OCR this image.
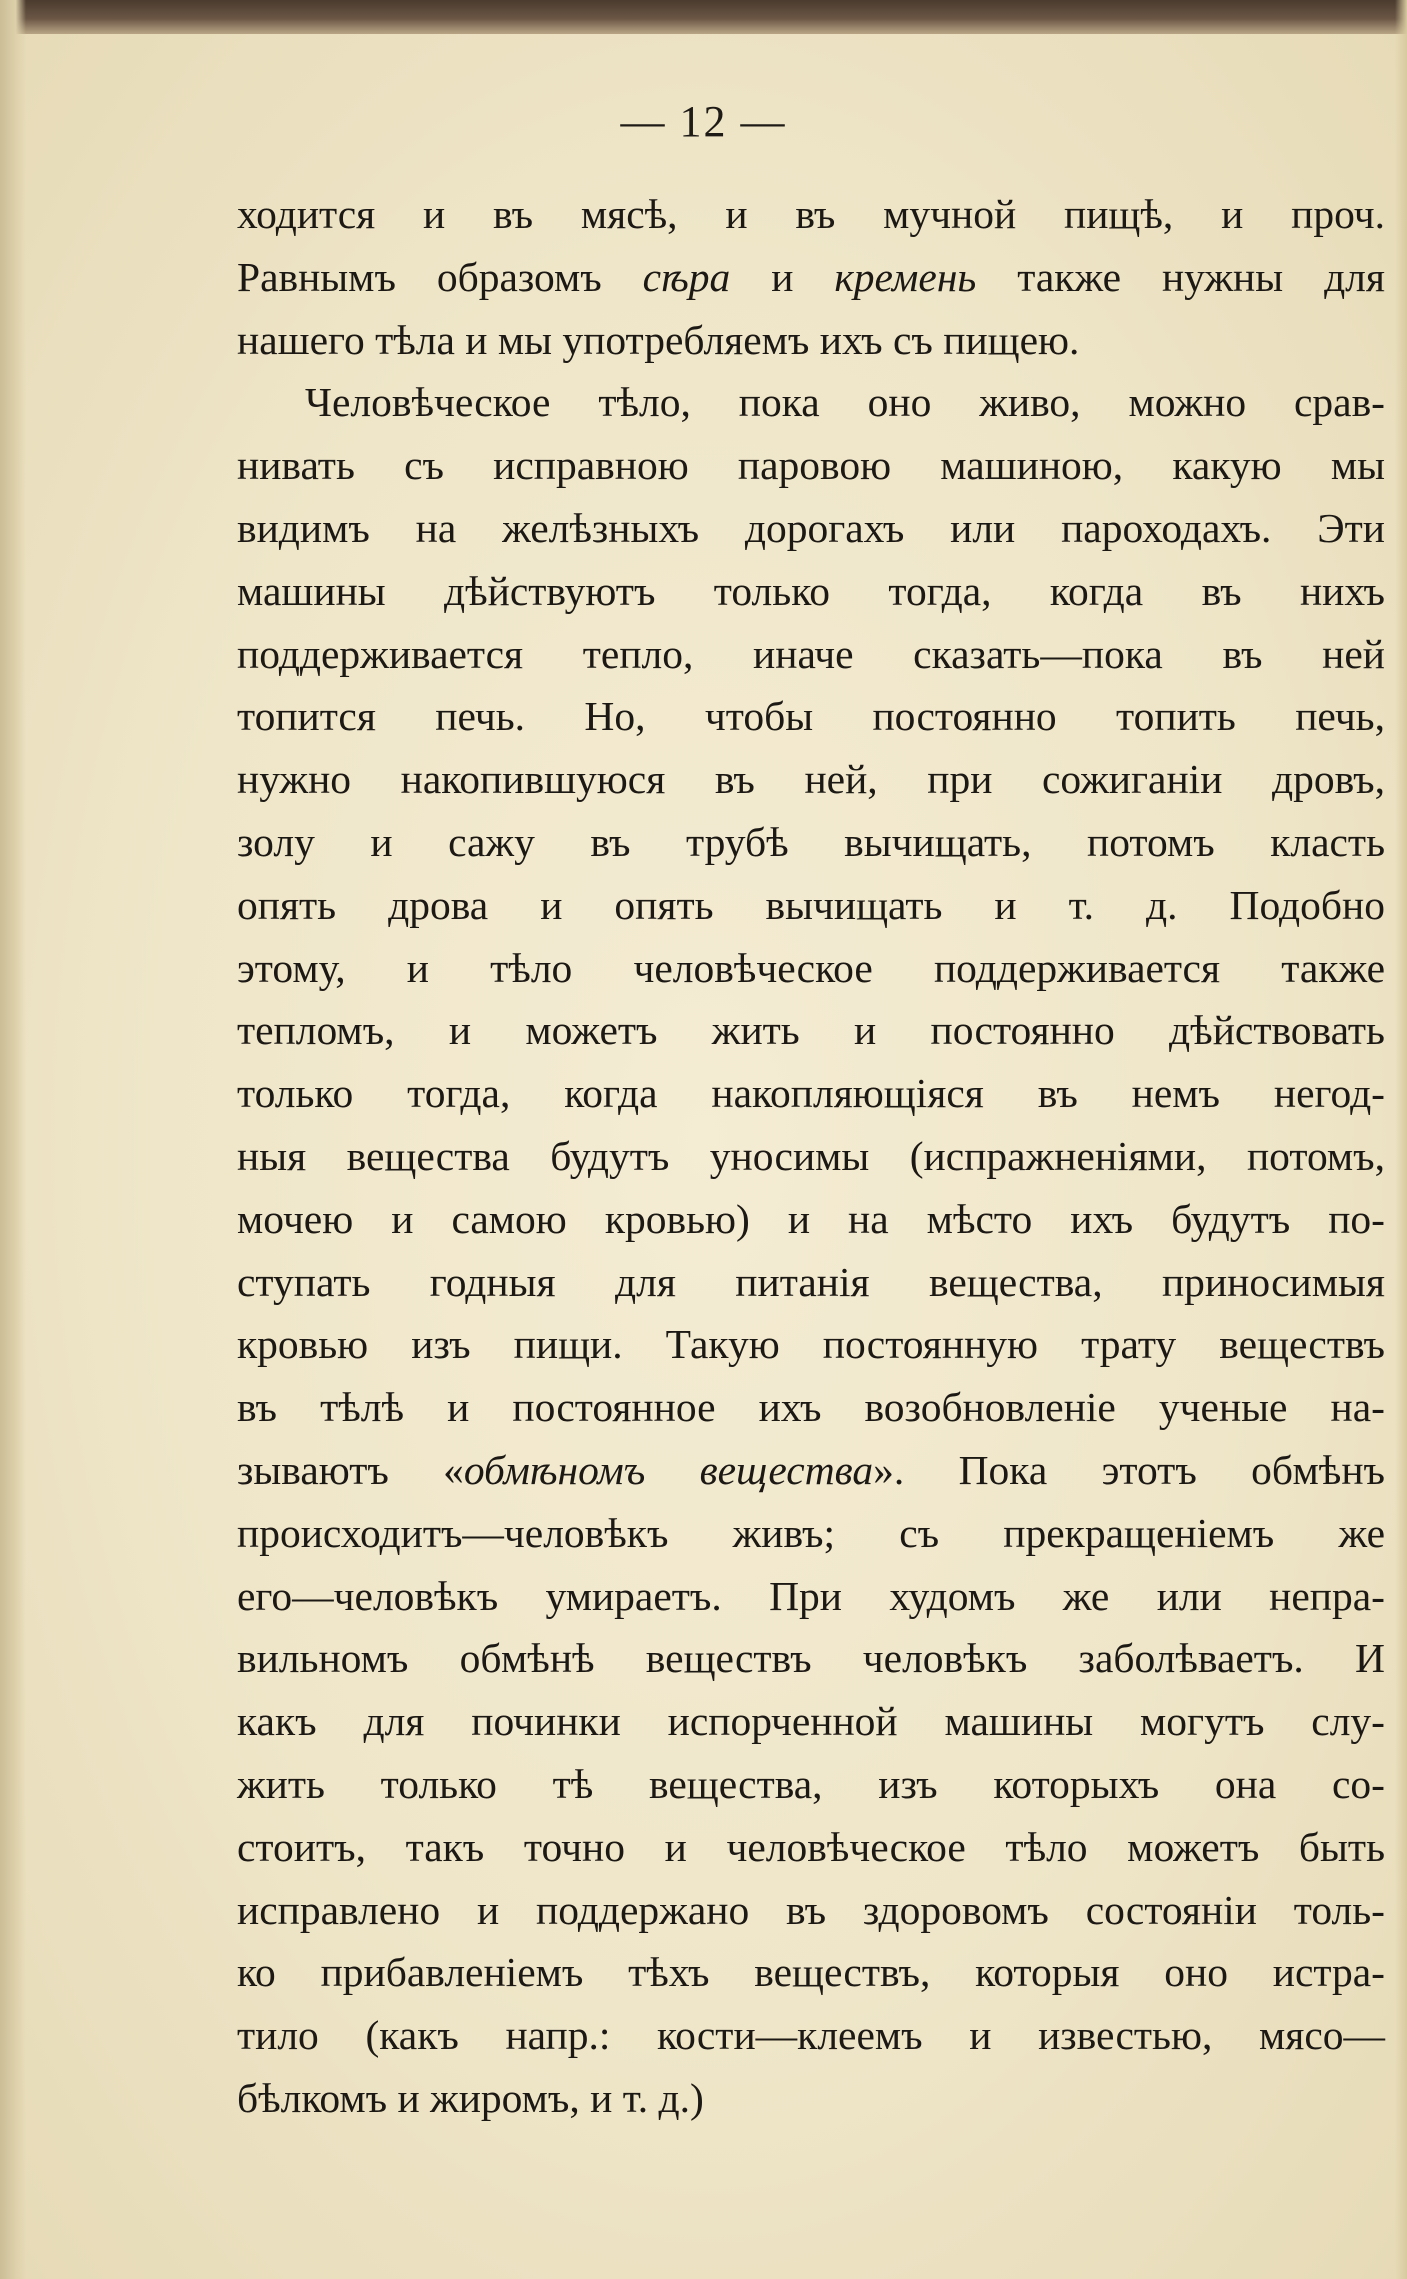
— 12 —
ходится и въ мясѣ, и въ мучной пищѣ, и проч.
Равнымъ образомъ сѣра и кремень также нужны для
нашего тѣла и мы употребляемъ ихъ съ пищею.
Человѣческое тѣло, пока оно живо, можно срав-
нивать съ исправною паровою машиною, какую мы
видимъ на желѣзныхъ дорогахъ или пароходахъ. Эти
машины дѣйствуютъ только тогда, когда въ нихъ
поддерживается тепло, иначе сказать—пока въ ней
топится печь. Но, чтобы постоянно топить печь,
нужно накопившуюся въ ней, при сожиганіи дровъ,
золу и сажу въ трубѣ вычищать, потомъ класть
опять дрова и опять вычищать и т. д. Подобно
этому, и тѣло человѣческое поддерживается также
тепломъ, и можетъ жить и постоянно дѣйствовать
только тогда, когда накопляющіяся въ немъ негод-
ныя вещества будутъ уносимы (испражненіями, потомъ,
мочею и самою кровью) и на мѣсто ихъ будутъ по-
ступать годныя для питанія вещества, приносимыя
кровью изъ пищи. Такую постоянную трату веществъ
въ тѣлѣ и постоянное ихъ возобновленіе ученые на-
зываютъ «обмѣномъ вещества». Пока этотъ обмѣнъ
происходитъ—человѣкъ живъ; съ прекращеніемъ же
его—человѣкъ умираетъ. При худомъ же или непра-
вильномъ обмѣнѣ веществъ человѣкъ заболѣваетъ. И
какъ для починки испорченной машины могутъ слу-
жить только тѣ вещества, изъ которыхъ она со-
стоитъ, такъ точно и человѣческое тѣло можетъ быть
исправлено и поддержано въ здоровомъ состояніи толь-
ко прибавленіемъ тѣхъ веществъ, которыя оно истра-
тило (какъ напр.: кости—клеемъ и известью, мясо—
бѣлкомъ и жиромъ, и т. д.)
